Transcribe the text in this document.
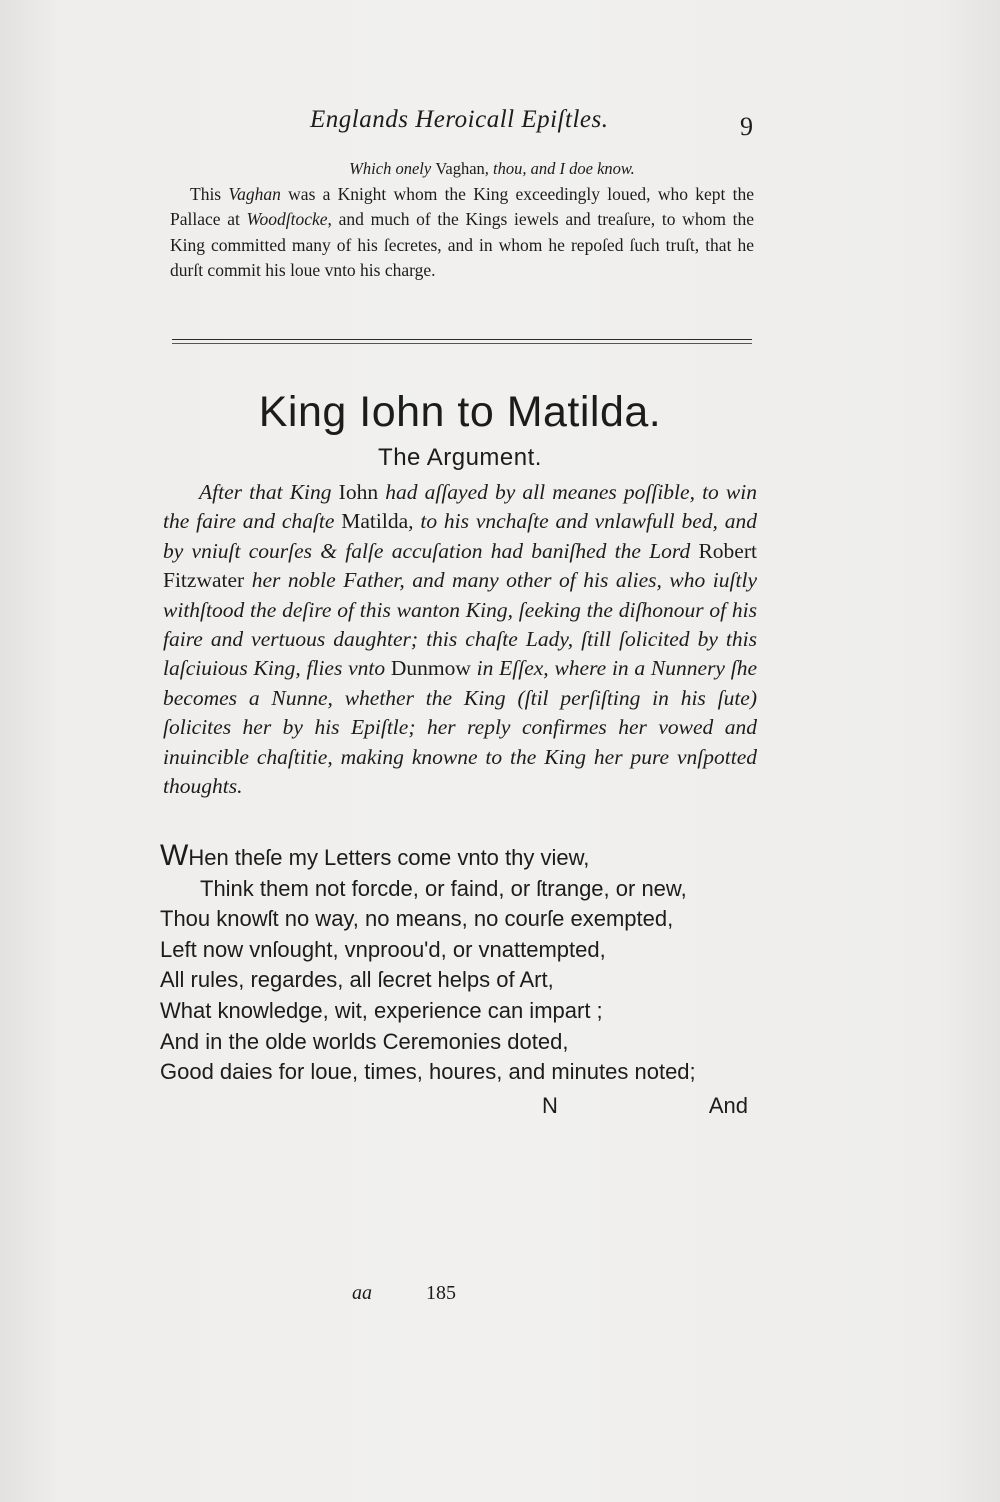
Englands Heroicall Epiſtles.	9
Which onely Vaghan, thou, and I doe know.
This Vaghan was a Knight whom the King exceedingly loued, who kept the Pallace at Woodſtocke, and much of the Kings iewels and treaſure, to whom the King committed many of his ſecretes, and in whom he repoſed ſuch truſt, that he durſt commit his loue vnto his charge.
King Iohn to Matilda.
The Argument.
After that King Iohn had aſſayed by all meanes poſſible, to win the faire and chaſte Matilda, to his vnchaſte and vnlawfull bed, and by vniuſt courſes & falſe accuſation had baniſhed the Lord Robert Fitzwater her noble Father, and many other of his alies, who iuſtly withſtood the deſire of this wanton King, ſeeking the diſhonour of his faire and vertuous daughter; this chaſte Lady, ſtill ſolicited by this laſciuious King, flies vnto Dunmow in Eſſex, where in a Nunnery ſhe becomes a Nunne, whether the King (ſtil perſiſting in his ſute) ſolicites her by his Epiſtle; her reply confirmes her vowed and inuincible chaſtitie, making knowne to the King her pure vnſpotted thoughts.
WHen theſe my Letters come vnto thy view,
Think them not forcde, or faind, or ſtrange, or new,
Thou knowſt no way, no means, no courſe exempted,
Left now vnſought, vnproou'd, or vnattempted,
All rules, regardes, all ſecret helps of Art,
What knowledge, wit, experience can impart ;
And in the olde worlds Ceremonies doted,
Good daies for loue, times, houres, and minutes noted;
N	And
aa	185
